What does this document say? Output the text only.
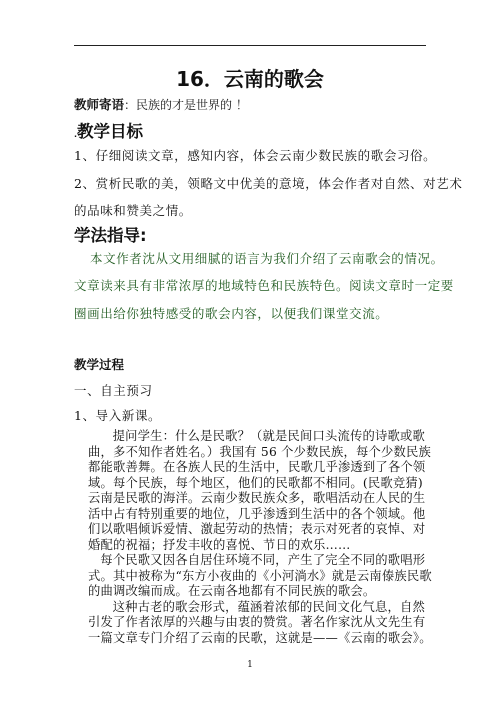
16．云南的歌会
教师寄语：民族的才是世界的 ！
.教学目标
1、仔细阅读文章，感知内容，体会云南少数民族的歌会习俗。
2、赏析民歌的美，领略文中优美的意境，体会作者对自然、对艺术
的品味和赞美之情。
学法指导:
本文作者沈从文用细腻的语言为我们介绍了云南歌会的情况。
文章读来具有非常浓厚的地域特色和民族特色。阅读文章时一定要
圈画出给你独特感受的歌会内容，以便我们课堂交流。
教学过程
一、自主预习
1、导入新课。

提问学生：什么是民歌？（就是民间口头流传的诗歌或歌曲，多不知作者姓名。）我国有 56 个少数民族，每个少数民族都能歌善舞。在各族人民的生活中，民歌几乎渗透到了各个领域。每个民族，每个地区，他们的民歌都不相同。(民歌竞猜)　　云南是民歌的海洋。云南少数民族众多，歌唱活动在人民的生活中占有特别重要的地位，几乎渗透到生活中的各个领域。他们以歌唱倾诉爱情、激起劳动的热情；表示对死者的哀悼、对婚配的祝福；抒发丰收的喜悦、节日的欢乐……

每个民歌又因各自居住环境不同，产生了完全不同的歌唱形式。其中被称为“东方小夜曲的《小河淌水》就是云南傣族民歌的曲调改编而成。在云南各地都有不同民族的歌会。

这种古老的歌会形式，蕴涵着浓郁的民间文化气息，自然引发了作者浓厚的兴趣与由衷的赞赏。著名作家沈从文先生有一篇文章专门介绍了云南的民歌，这就是——《云南的歌会》。

1
